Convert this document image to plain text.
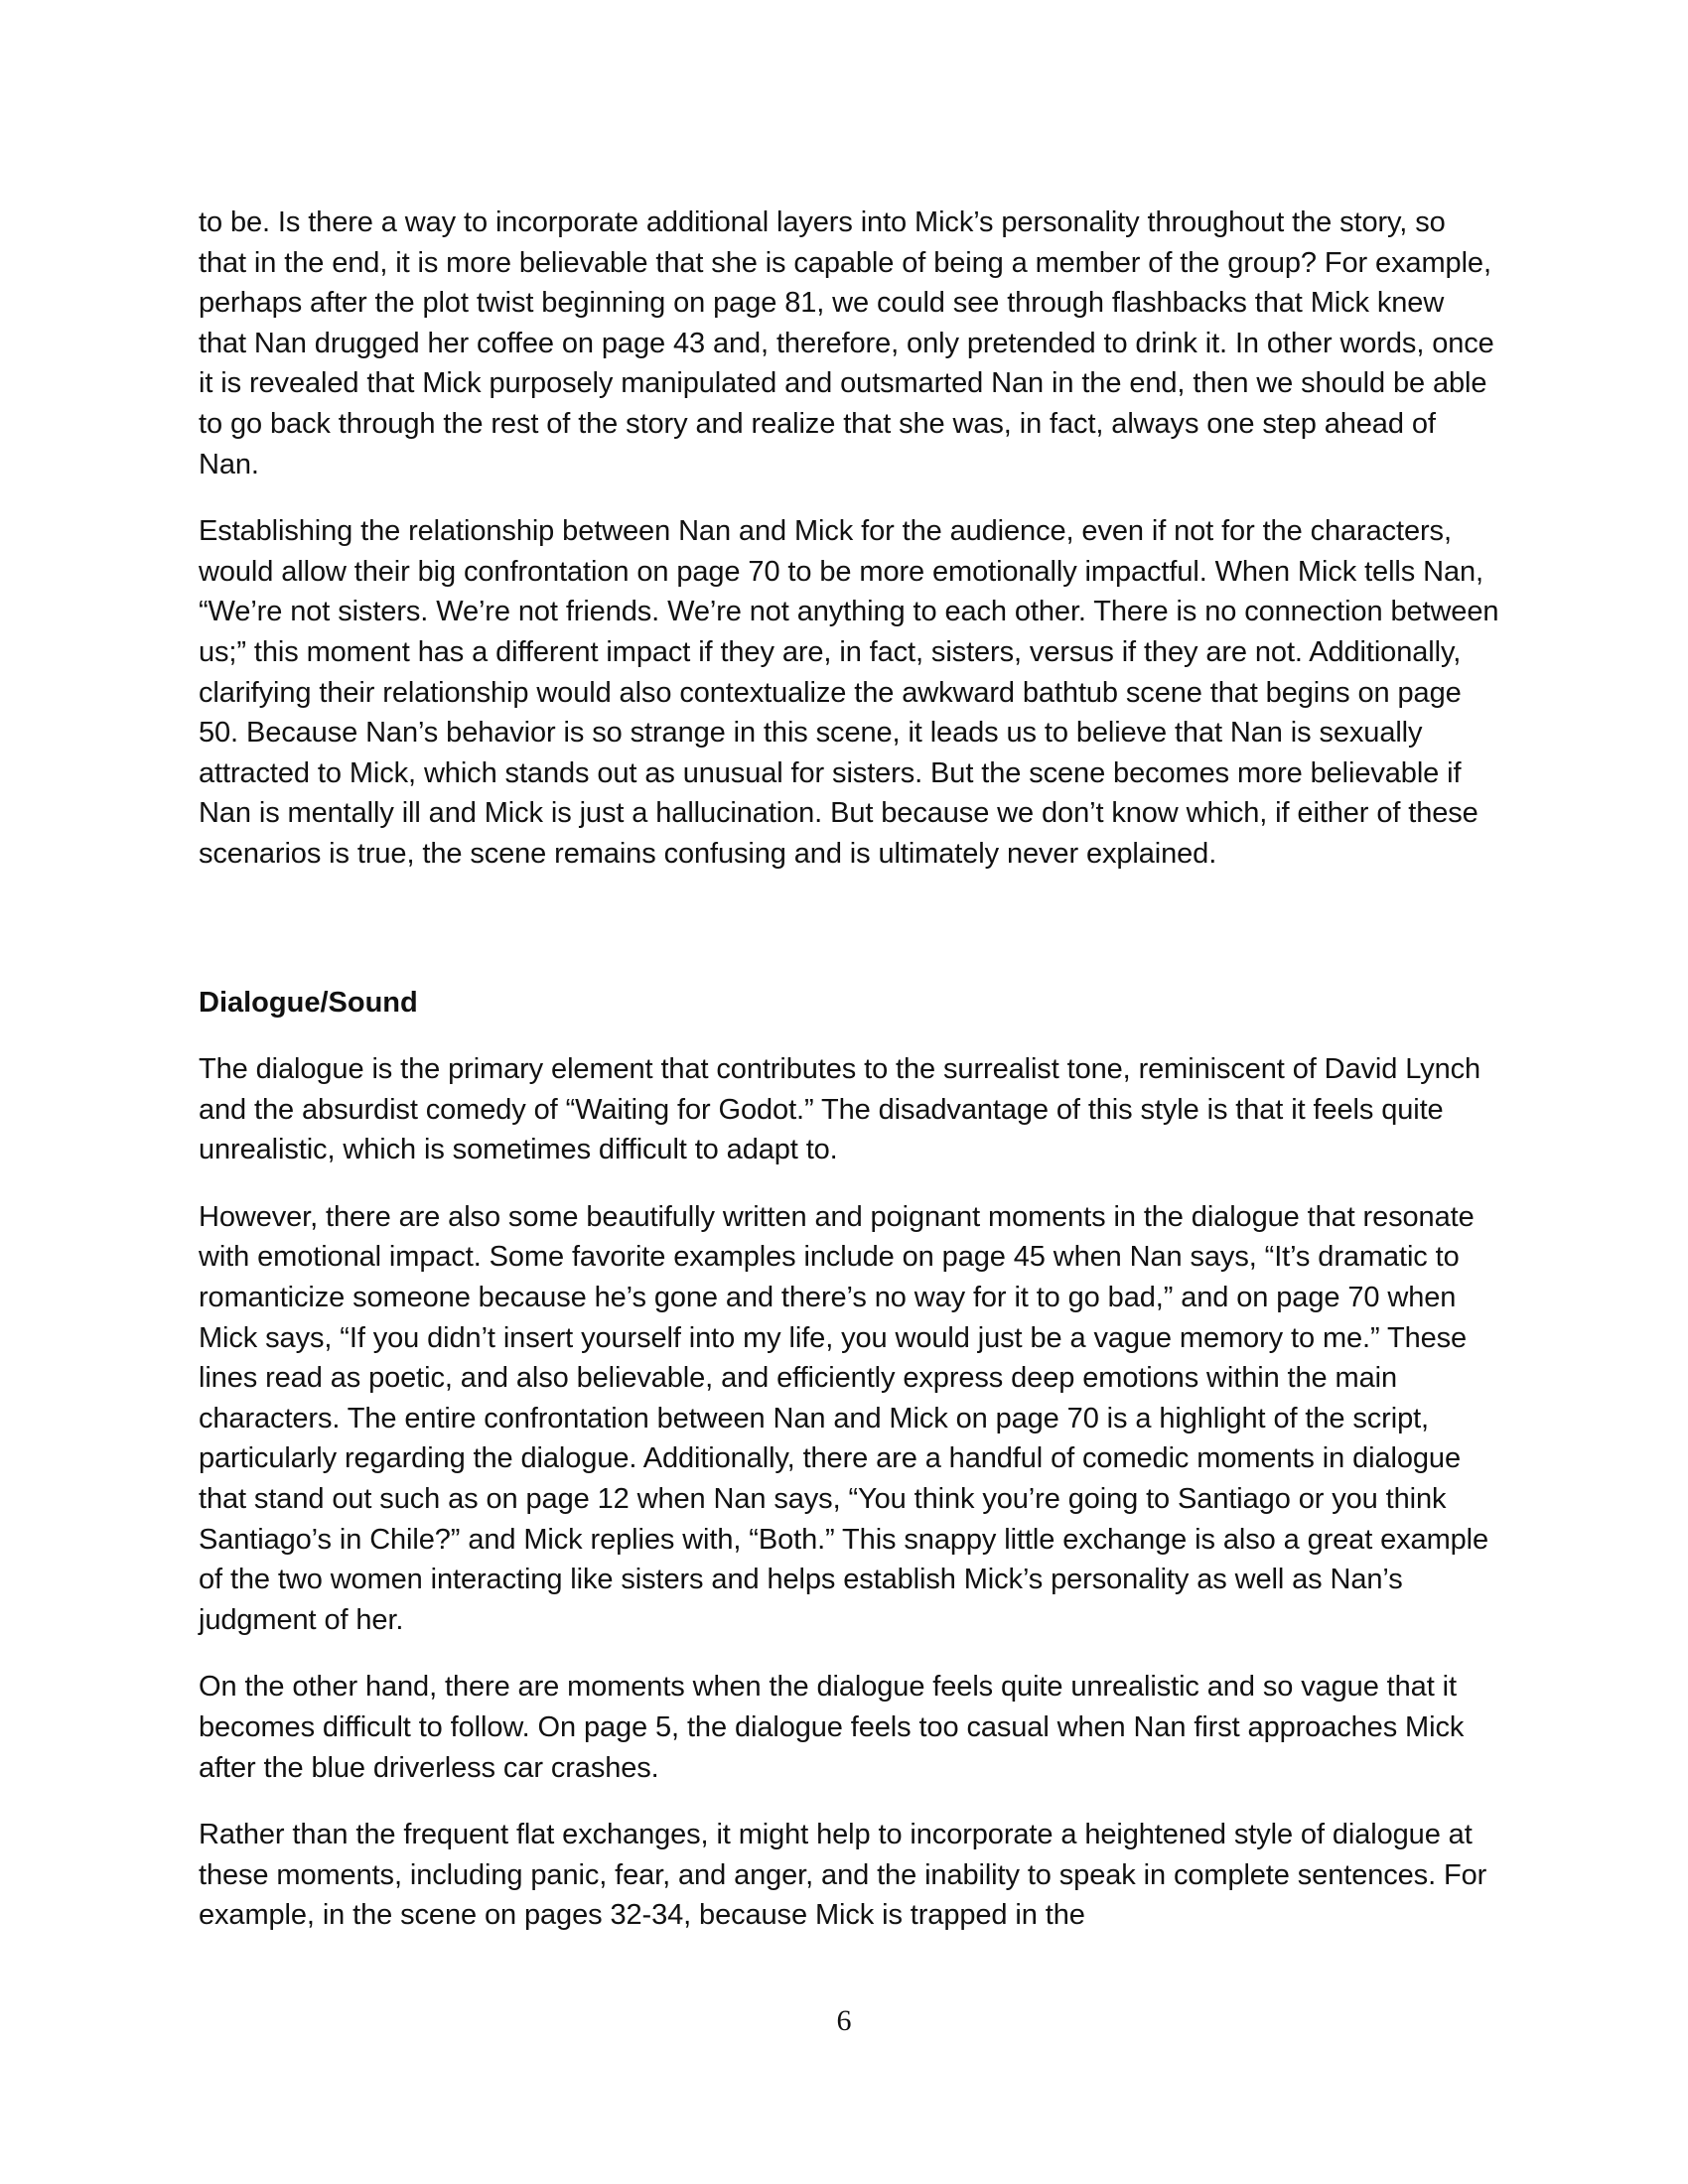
to be. Is there a way to incorporate additional layers into Mick’s personality throughout the story, so that in the end, it is more believable that she is capable of being a member of the group? For example, perhaps after the plot twist beginning on page 81, we could see through flashbacks that Mick knew that Nan drugged her coffee on page 43 and, therefore, only pretended to drink it. In other words, once it is revealed that Mick purposely manipulated and outsmarted Nan in the end, then we should be able to go back through the rest of the story and realize that she was, in fact, always one step ahead of Nan.

Establishing the relationship between Nan and Mick for the audience, even if not for the characters, would allow their big confrontation on page 70 to be more emotionally impactful. When Mick tells Nan, “We’re not sisters. We’re not friends. We’re not anything to each other. There is no connection between us;” this moment has a different impact if they are, in fact, sisters, versus if they are not. Additionally, clarifying their relationship would also contextualize the awkward bathtub scene that begins on page 50. Because Nan’s behavior is so strange in this scene, it leads us to believe that Nan is sexually attracted to Mick, which stands out as unusual for sisters. But the scene becomes more believable if Nan is mentally ill and Mick is just a hallucination. But because we don’t know which, if either of these scenarios is true, the scene remains confusing and is ultimately never explained.

Dialogue/Sound

The dialogue is the primary element that contributes to the surrealist tone, reminiscent of David Lynch and the absurdist comedy of “Waiting for Godot.” The disadvantage of this style is that it feels quite unrealistic, which is sometimes difficult to adapt to.

However, there are also some beautifully written and poignant moments in the dialogue that resonate with emotional impact. Some favorite examples include on page 45 when Nan says, “It’s dramatic to romanticize someone because he’s gone and there’s no way for it to go bad,” and on page 70 when Mick says, “If you didn’t insert yourself into my life, you would just be a vague memory to me.” These lines read as poetic, and also believable, and efficiently express deep emotions within the main characters. The entire confrontation between Nan and Mick on page 70 is a highlight of the script, particularly regarding the dialogue. Additionally, there are a handful of comedic moments in dialogue that stand out such as on page 12 when Nan says, “You think you’re going to Santiago or you think Santiago’s in Chile?” and Mick replies with, “Both.” This snappy little exchange is also a great example of the two women interacting like sisters and helps establish Mick’s personality as well as Nan’s judgment of her.

On the other hand, there are moments when the dialogue feels quite unrealistic and so vague that it becomes difficult to follow. On page 5, the dialogue feels too casual when Nan first approaches Mick after the blue driverless car crashes.

Rather than the frequent flat exchanges, it might help to incorporate a heightened style of dialogue at these moments, including panic, fear, and anger, and the inability to speak in complete sentences. For example, in the scene on pages 32-34, because Mick is trapped in the

6
